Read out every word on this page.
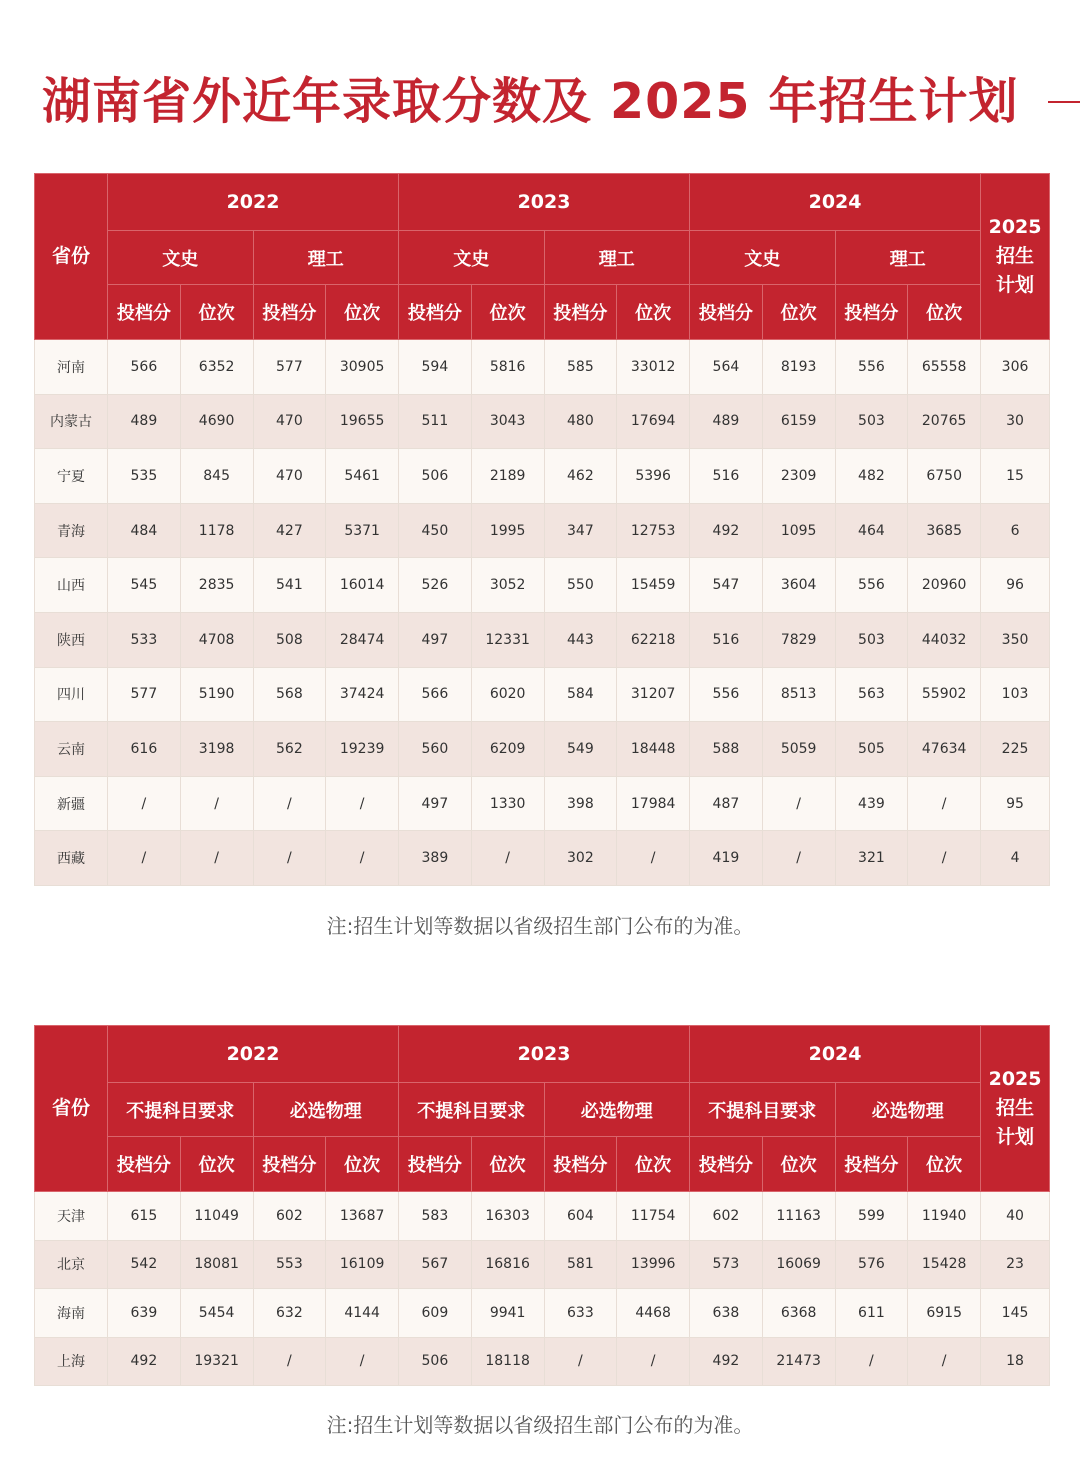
湖南省外近年录取分数及 2025 年招生计划
省份	2022				2023				2024				2025
招生
计划
	文史		理工		文史		理工		文史		理工		
	投档分	位次	投档分	位次	投档分	位次	投档分	位次	投档分	位次	投档分	位次	
河南	566	6352	577	30905	594	5816	585	33012	564	8193	556	65558	306
内蒙古	489	4690	470	19655	511	3043	480	17694	489	6159	503	20765	30
宁夏	535	845	470	5461	506	2189	462	5396	516	2309	482	6750	15
青海	484	1178	427	5371	450	1995	347	12753	492	1095	464	3685	6
山西	545	2835	541	16014	526	3052	550	15459	547	3604	556	20960	96
陕西	533	4708	508	28474	497	12331	443	62218	516	7829	503	44032	350
四川	577	5190	568	37424	566	6020	584	31207	556	8513	563	55902	103
云南	616	3198	562	19239	560	6209	549	18448	588	5059	505	47634	225
新疆	/	/	/	/	497	1330	398	17984	487	/	439	/	95
西藏	/	/	/	/	389	/	302	/	419	/	321	/	4

注:招生计划等数据以省级招生部门公布的为准。

省份	2022				2023				2024				2025
招生
计划
	不提科目要求		必选物理		不提科目要求		必选物理		不提科目要求		必选物理		
	投档分	位次	投档分	位次	投档分	位次	投档分	位次	投档分	位次	投档分	位次	
天津	615	11049	602	13687	583	16303	604	11754	602	11163	599	11940	40
北京	542	18081	553	16109	567	16816	581	13996	573	16069	576	15428	23
海南	639	5454	632	4144	609	9941	633	4468	638	6368	611	6915	145
上海	492	19321	/	/	506	18118	/	/	492	21473	/	/	18

注:招生计划等数据以省级招生部门公布的为准。
